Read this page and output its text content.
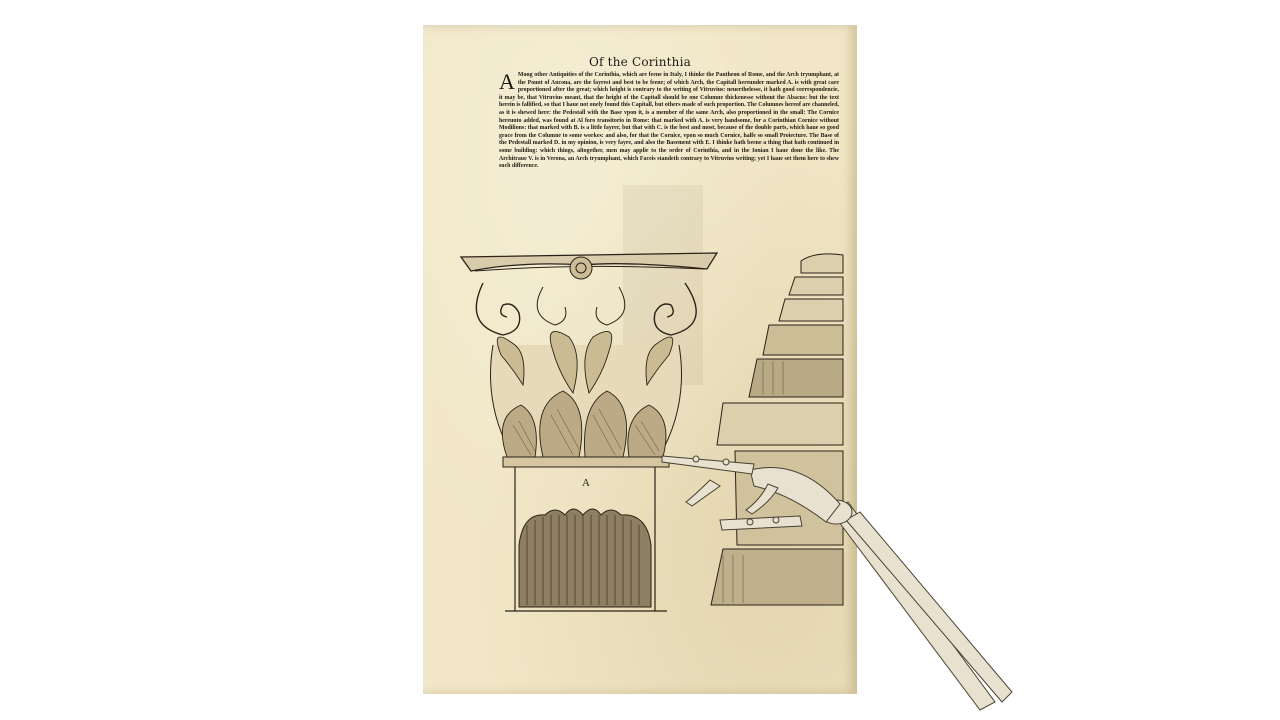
Of the Corinthia
A Mong other Antiquities of the Corinthia, which are feene in Italy, I thinke the Pantheon of Rome, and the Arch tryumphant, at the Pount of Ancona, are the fayrest and best to be feene; of which Arch, the Capitall hereunder marked A. is with great care proportioned after the great; which height is contrary to the writing of Vitruvius: neuerthelesse, it hath good correspondencie, it may be, that Vitruvius meant, that the height of the Capitall should be one Columne thickenesse without the Abacus: but the text herein is fallified, so that I haue not onely found this Capitall, but others made of such proportion. The Columnes hereof are channeled, as it is shewed here: the Pedestall with the Base vpon it, is a member of the same Arch, also proportioned in the small: The Cornice hereunto added, was found at Al foro transitorio in Rome: that marked with A. is very handsome, for a Corinthian Cornice without Modilions: that marked with B. is a little fayrer, but that with C. is the best and most, because of the double parts, which haue so good grace from the Columne to some workes: and also, for that the Cornice, vpon so much Cornice, halfe so small Proiecture. The Base of the Pedestall marked D. in my opinion, is very fayre, and also the Basement with E. I thinke hath beene a thing that hath continued in some building: which things, altogether, men may applie to the order of Corinthia, and in the Ionian I haue done the like. The Architraue V. is in Verona, an Arch tryumphant, which Faceis standeth contrary to Vitruvius writing; yet I haue set them here to shew such difference.
A
